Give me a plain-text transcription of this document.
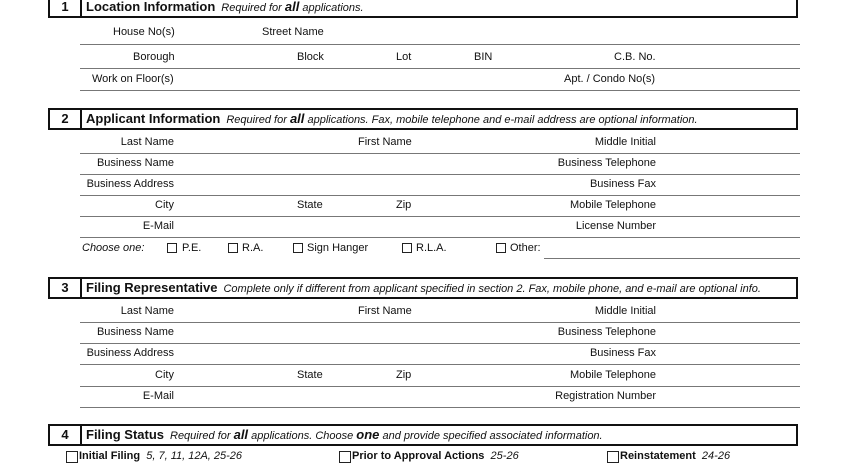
1	Location Information Required for all applications.
House No(s)	Street Name
Borough	Block	Lot	BIN	C.B. No.
Work on Floor(s)	Apt. / Condo No(s)
2	Applicant Information Required for all applications. Fax, mobile telephone and e-mail address are optional information.
Last Name	First Name	Middle Initial
Business Name	Business Telephone
Business Address	Business Fax
City	State	Zip	Mobile Telephone
E-Mail	License Number
Choose one:	P.E.	R.A.	Sign Hanger	R.L.A.	Other:
3	Filing Representative Complete only if different from applicant specified in section 2. Fax, mobile phone, and e-mail are optional info.
Last Name	First Name	Middle Initial
Business Name	Business Telephone
Business Address	Business Fax
City	State	Zip	Mobile Telephone
E-Mail	Registration Number
4	Filing Status Required for all applications. Choose one and provide specified associated information.
Initial Filing 5, 7, 11, 12A, 25-26	Prior to Approval Actions 25-26	Reinstatement 24-26
